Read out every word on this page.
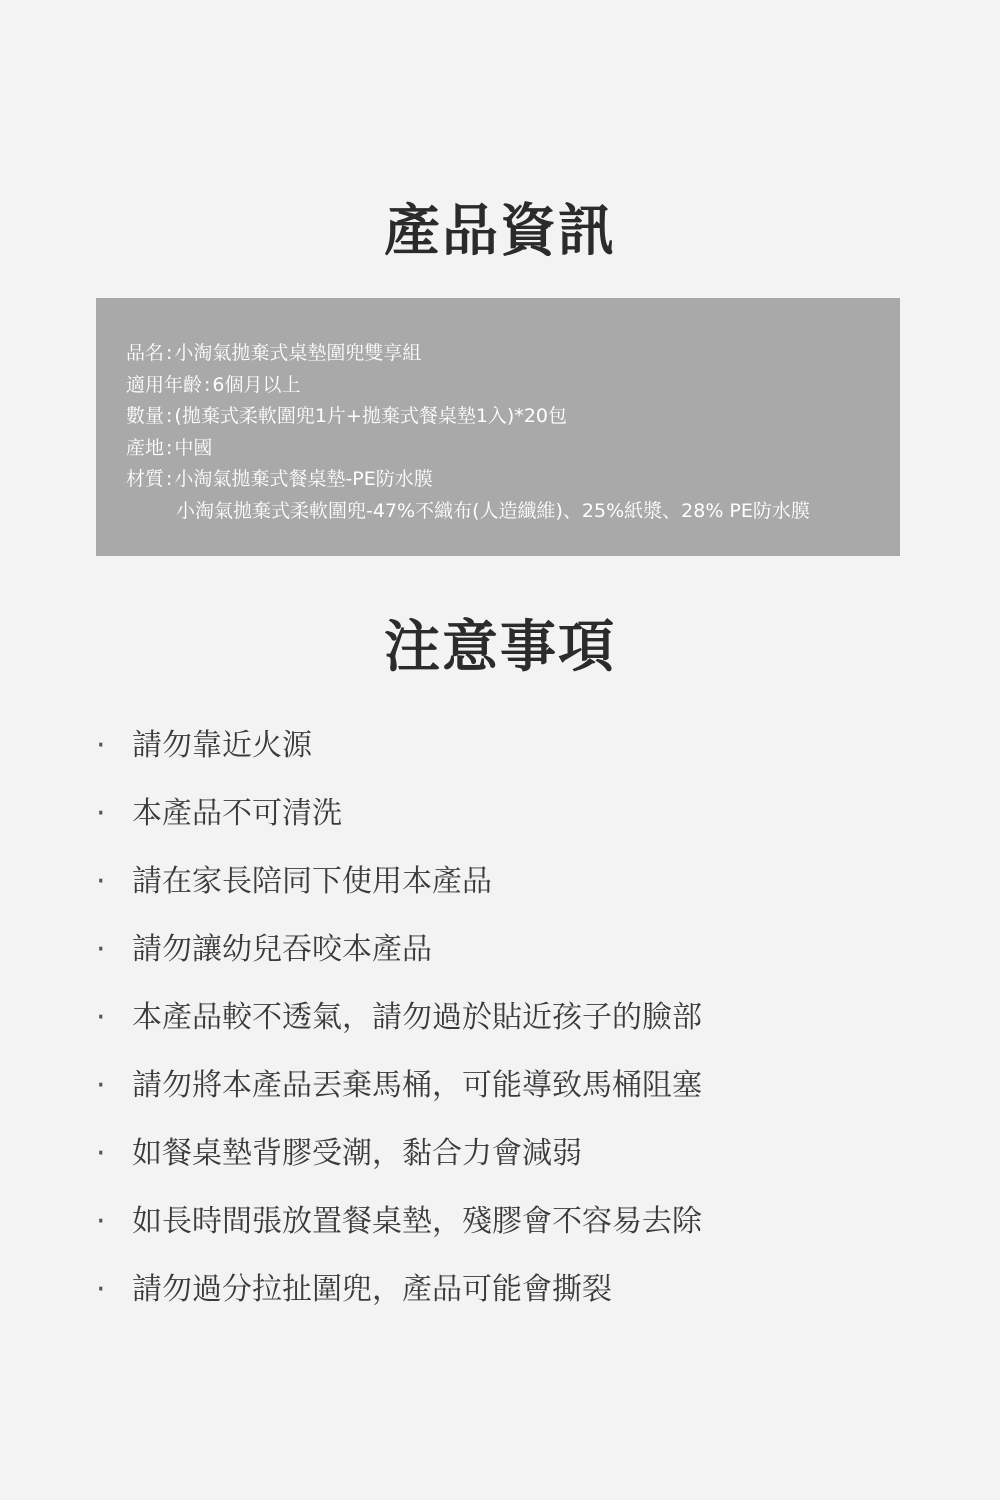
產品資訊
品名 : 小淘氣拋棄式桌墊圍兜雙享組
適用年齡 : 6個月以上
數量 : (拋棄式柔軟圍兜1片+拋棄式餐桌墊1入)*20包
產地 : 中國
材質 : 小淘氣拋棄式餐桌墊-PE防水膜
小淘氣拋棄式柔軟圍兜-47%不織布(人造纖維)、25%紙漿、28% PE防水膜
注意事項
· 請勿靠近火源
· 本產品不可清洗
· 請在家長陪同下使用本產品
· 請勿讓幼兒吞咬本產品
· 本產品較不透氣，請勿過於貼近孩子的臉部
· 請勿將本產品丟棄馬桶，可能導致馬桶阻塞
· 如餐桌墊背膠受潮，黏合力會減弱
· 如長時間張放置餐桌墊，殘膠會不容易去除
· 請勿過分拉扯圍兜，產品可能會撕裂
